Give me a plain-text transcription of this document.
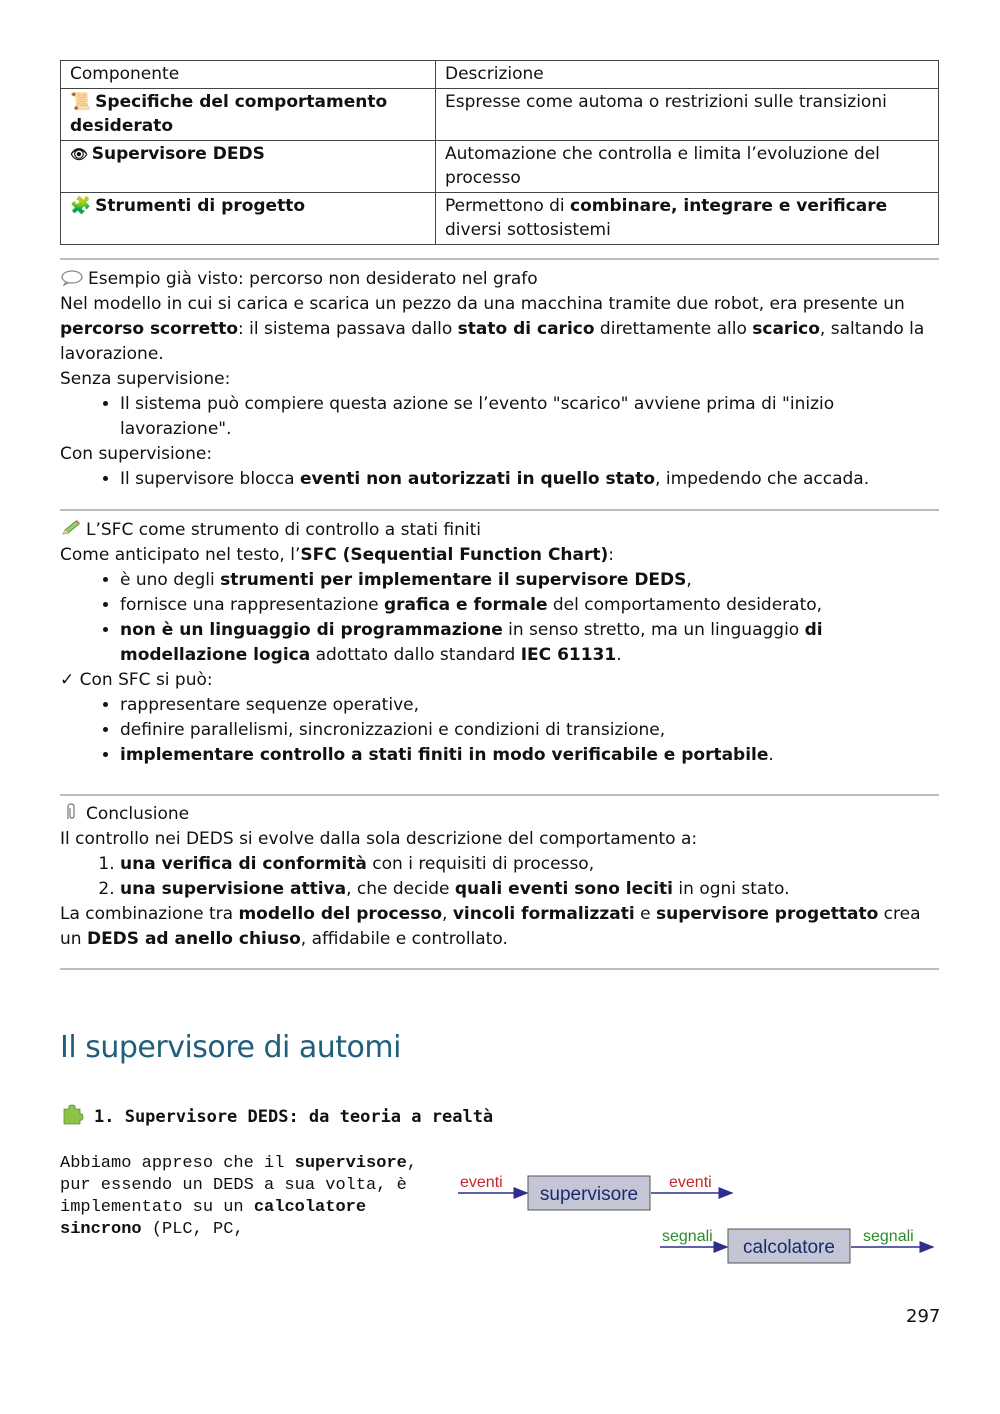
Componente	Descrizione
📜 Specifiche del comportamento desiderato	Espresse come automa o restrizioni sulle transizioni
👁 Supervisore DEDS	Automazione che controlla e limita l’evoluzione del processo
🧩 Strumenti di progetto	Permettono di combinare, integrare e verificare diversi sottosistemi

Esempio già visto: percorso non desiderato nel grafo

Nel modello in cui si carica e scarica un pezzo da una macchina tramite due robot, era presente un percorso scorretto: il sistema passava dallo stato di carico direttamente allo scarico, saltando la lavorazione.

Senza supervisione:

• Il sistema può compiere questa azione se l’evento "scarico" avviene prima di "inizio lavorazione".

Con supervisione:

• Il supervisore blocca eventi non autorizzati in quello stato, impedendo che accada.

L’SFC come strumento di controllo a stati finiti

Come anticipato nel testo, l’SFC (Sequential Function Chart):

• è uno degli strumenti per implementare il supervisore DEDS,
• fornisce una rappresentazione grafica e formale del comportamento desiderato,
• non è un linguaggio di programmazione in senso stretto, ma un linguaggio di modellazione logica adottato dallo standard IEC 61131.

✓ Con SFC si può:

• rappresentare sequenze operative,
• definire parallelismi, sincronizzazioni e condizioni di transizione,
• implementare controllo a stati finiti in modo verificabile e portabile.

Conclusione

Il controllo nei DEDS si evolve dalla sola descrizione del comportamento a:

1. una verifica di conformità con i requisiti di processo,
2. una supervisione attiva, che decide quali eventi sono leciti in ogni stato.

La combinazione tra modello del processo, vincoli formalizzati e supervisore progettato crea un DEDS ad anello chiuso, affidabile e controllato.

Il supervisore di automi
1. Supervisore DEDS: da teoria a realtà

Abbiamo appreso che il supervisore, pur essendo un DEDS a sua volta, è implementato su un calcolatore sincrono (PLC, PC,

eventi
supervisore
eventi
segnali
calcolatore
segnali
297
